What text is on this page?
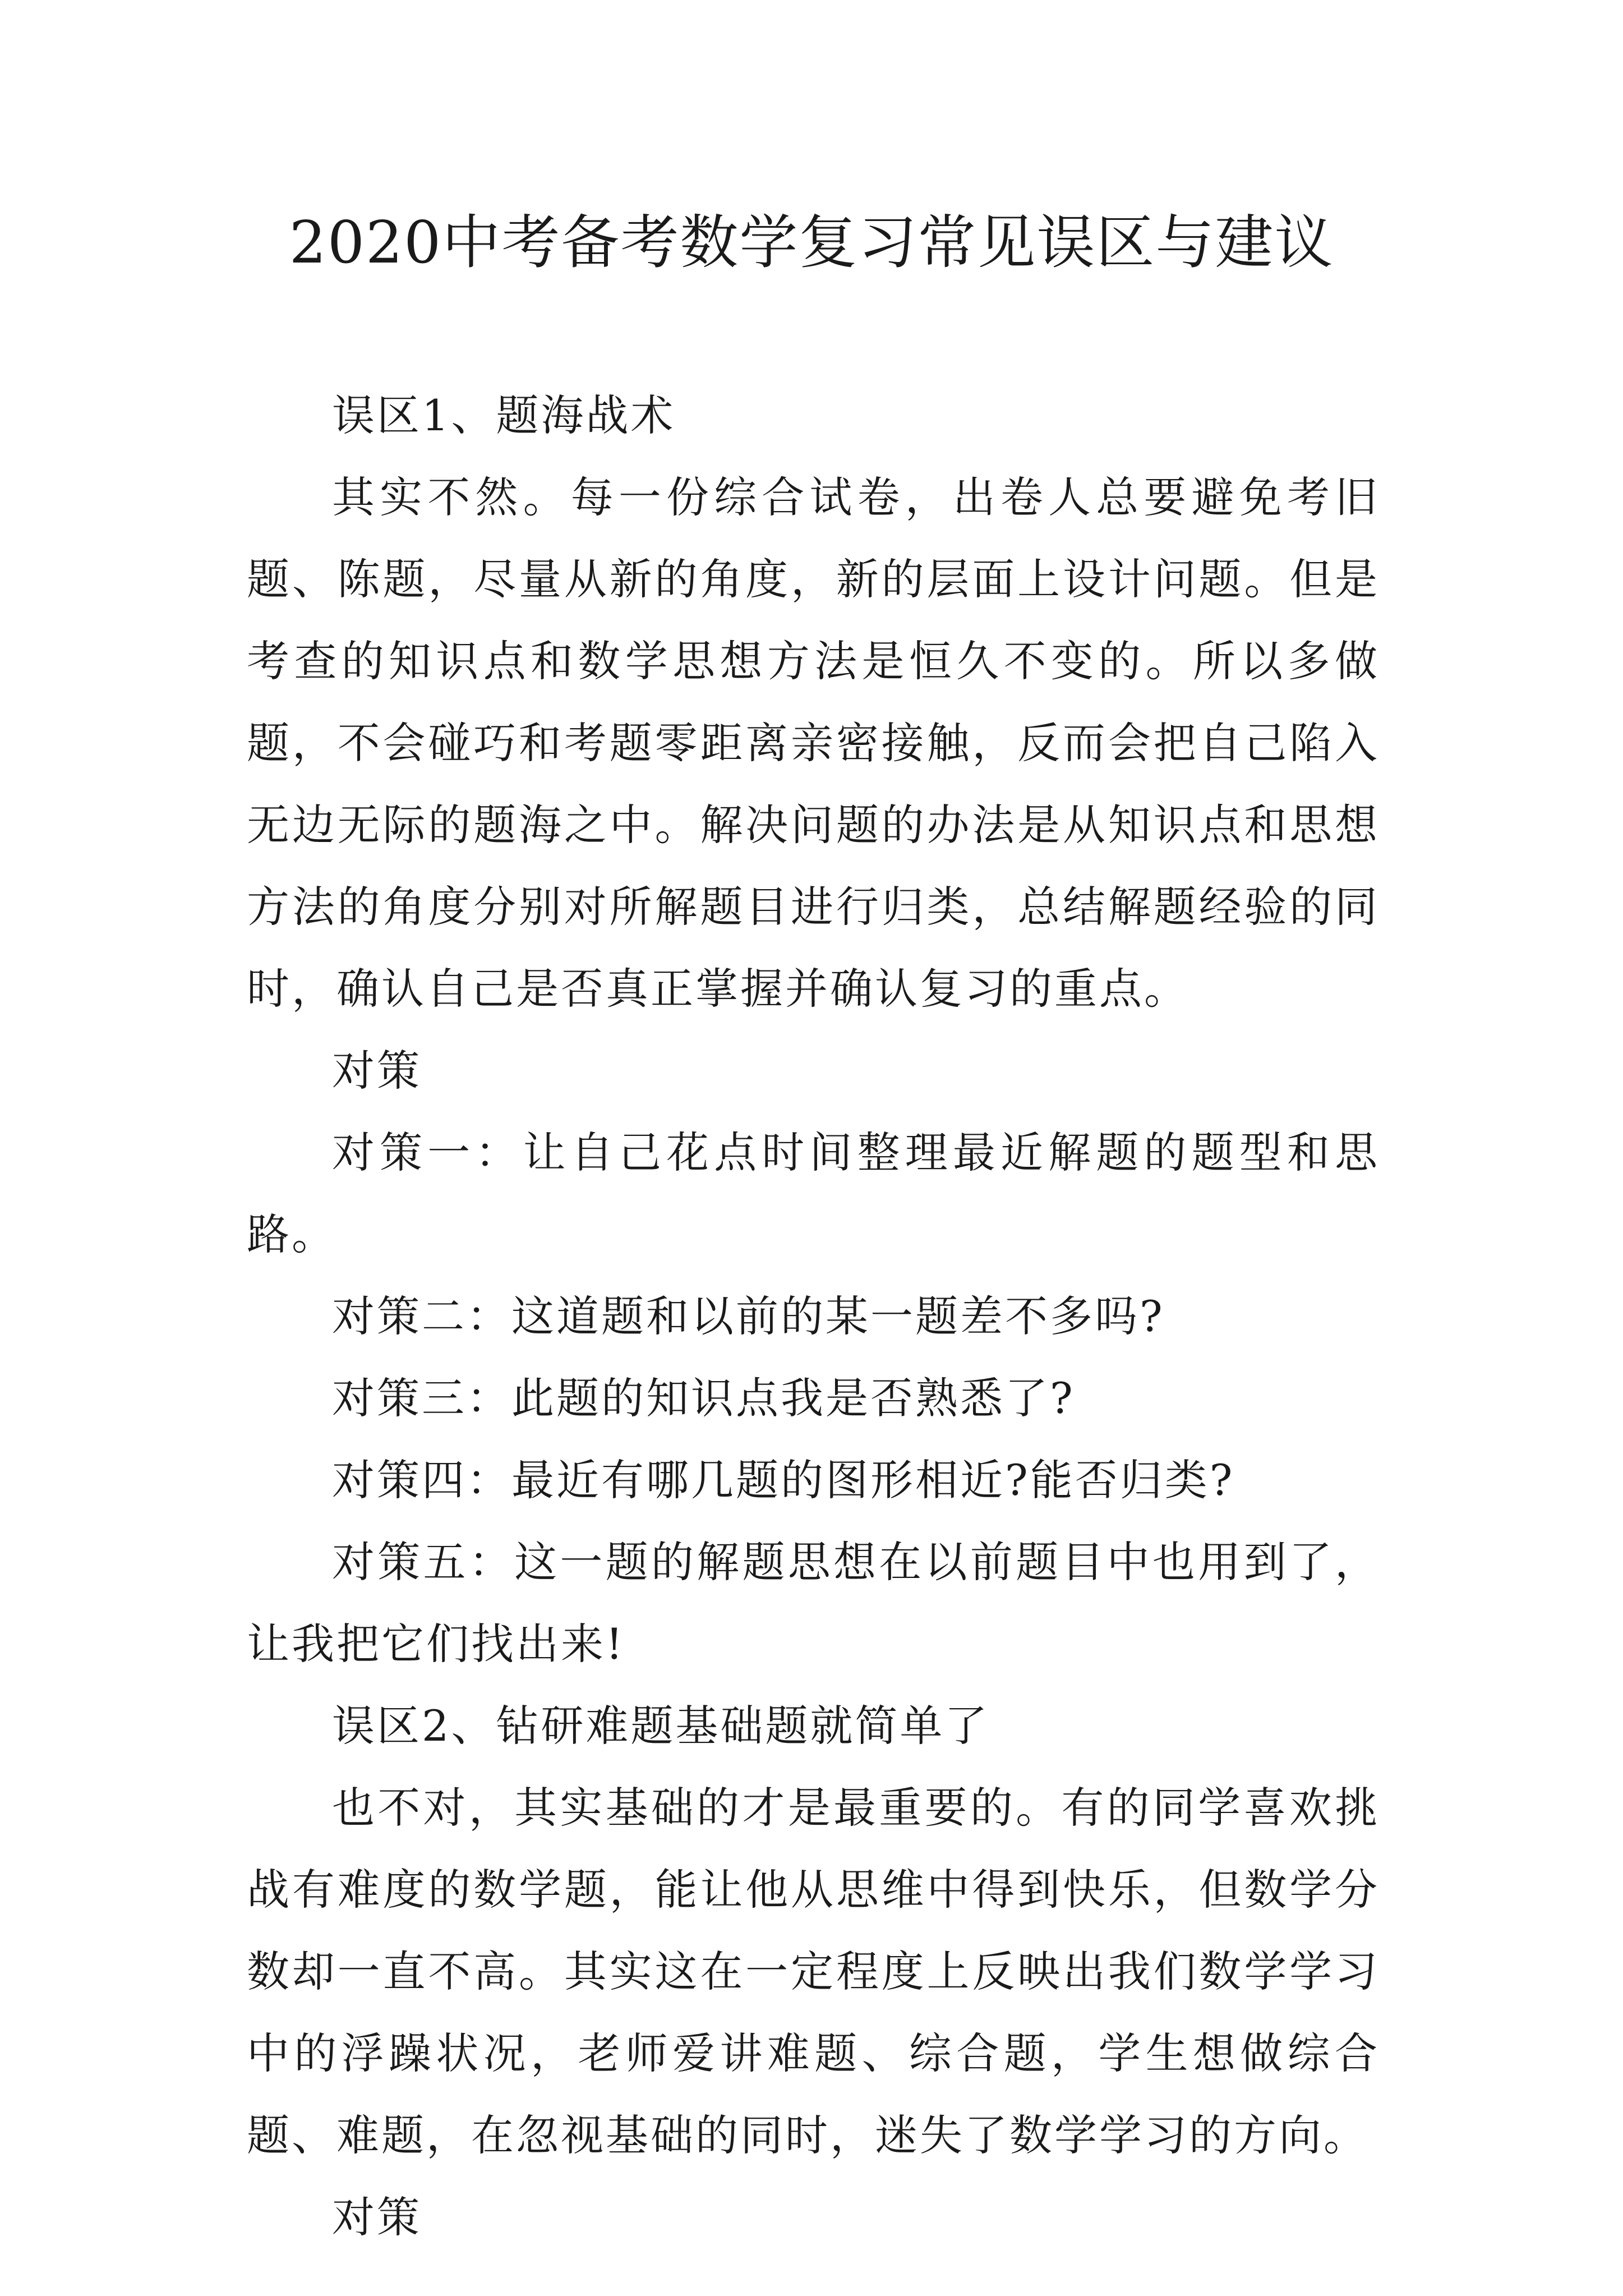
2020中考备考数学复习常见误区与建议

误区1、题海战术

其实不然。每一份综合试卷，出卷人总要避免考旧题、陈题，尽量从新的角度，新的层面上设计问题。但是考查的知识点和数学思想方法是恒久不变的。所以多做题，不会碰巧和考题零距离亲密接触，反而会把自己陷入无边无际的题海之中。解决问题的办法是从知识点和思想方法的角度分别对所解题目进行归类，总结解题经验的同时，确认自己是否真正掌握并确认复习的重点。

对策

对策一：让自己花点时间整理最近解题的题型和思路。

对策二：这道题和以前的某一题差不多吗?

对策三：此题的知识点我是否熟悉了?

对策四：最近有哪几题的图形相近?能否归类?

对策五：这一题的解题思想在以前题目中也用到了，让我把它们找出来!

误区2、钻研难题基础题就简单了

也不对，其实基础的才是最重要的。有的同学喜欢挑战有难度的数学题，能让他从思维中得到快乐，但数学分数却一直不高。其实这在一定程度上反映出我们数学学习中的浮躁状况，老师爱讲难题、综合题，学生想做综合题、难题，在忽视基础的同时，迷失了数学学习的方向。

对策
